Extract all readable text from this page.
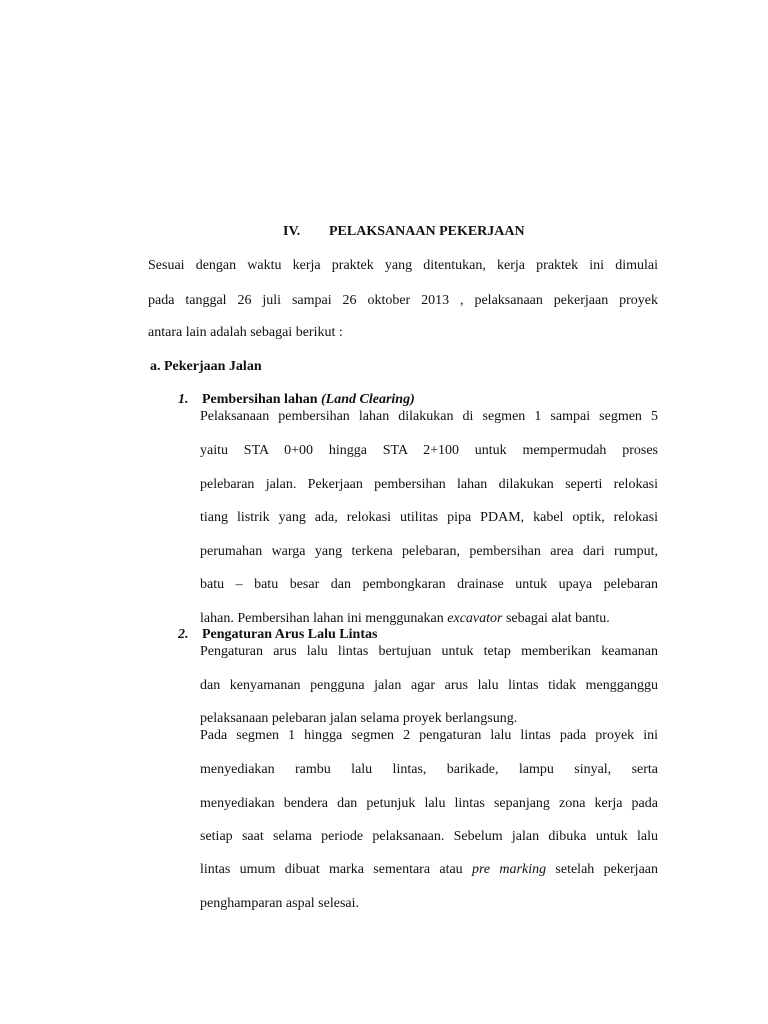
IV. PELAKSANAAN PEKERJAAN
Sesuai dengan waktu kerja praktek yang ditentukan, kerja praktek ini dimulai
pada tanggal 26 juli sampai 26 oktober 2013 , pelaksanaan pekerjaan proyek
antara lain adalah sebagai berikut :
a. Pekerjaan Jalan
1. Pembersihan lahan (Land Clearing)
Pelaksanaan pembersihan lahan dilakukan di segmen 1 sampai segmen 5
yaitu STA 0+00 hingga STA 2+100 untuk mempermudah proses
pelebaran jalan. Pekerjaan pembersihan lahan dilakukan seperti relokasi
tiang listrik yang ada, relokasi utilitas pipa PDAM, kabel optik, relokasi
perumahan warga yang terkena pelebaran, pembersihan area dari rumput,
batu – batu besar dan pembongkaran drainase untuk upaya pelebaran
lahan. Pembersihan lahan ini menggunakan excavator sebagai alat bantu.
2. Pengaturan Arus Lalu Lintas
Pengaturan arus lalu lintas bertujuan untuk tetap memberikan keamanan
dan kenyamanan pengguna jalan agar arus lalu lintas tidak mengganggu
pelaksanaan pelebaran jalan selama proyek berlangsung.
Pada segmen 1 hingga segmen 2 pengaturan lalu lintas pada proyek ini
menyediakan rambu lalu lintas, barikade, lampu sinyal, serta
menyediakan bendera dan petunjuk lalu lintas sepanjang zona kerja pada
setiap saat selama periode pelaksanaan. Sebelum jalan dibuka untuk lalu
lintas umum dibuat marka sementara atau pre marking setelah pekerjaan
penghamparan aspal selesai.
